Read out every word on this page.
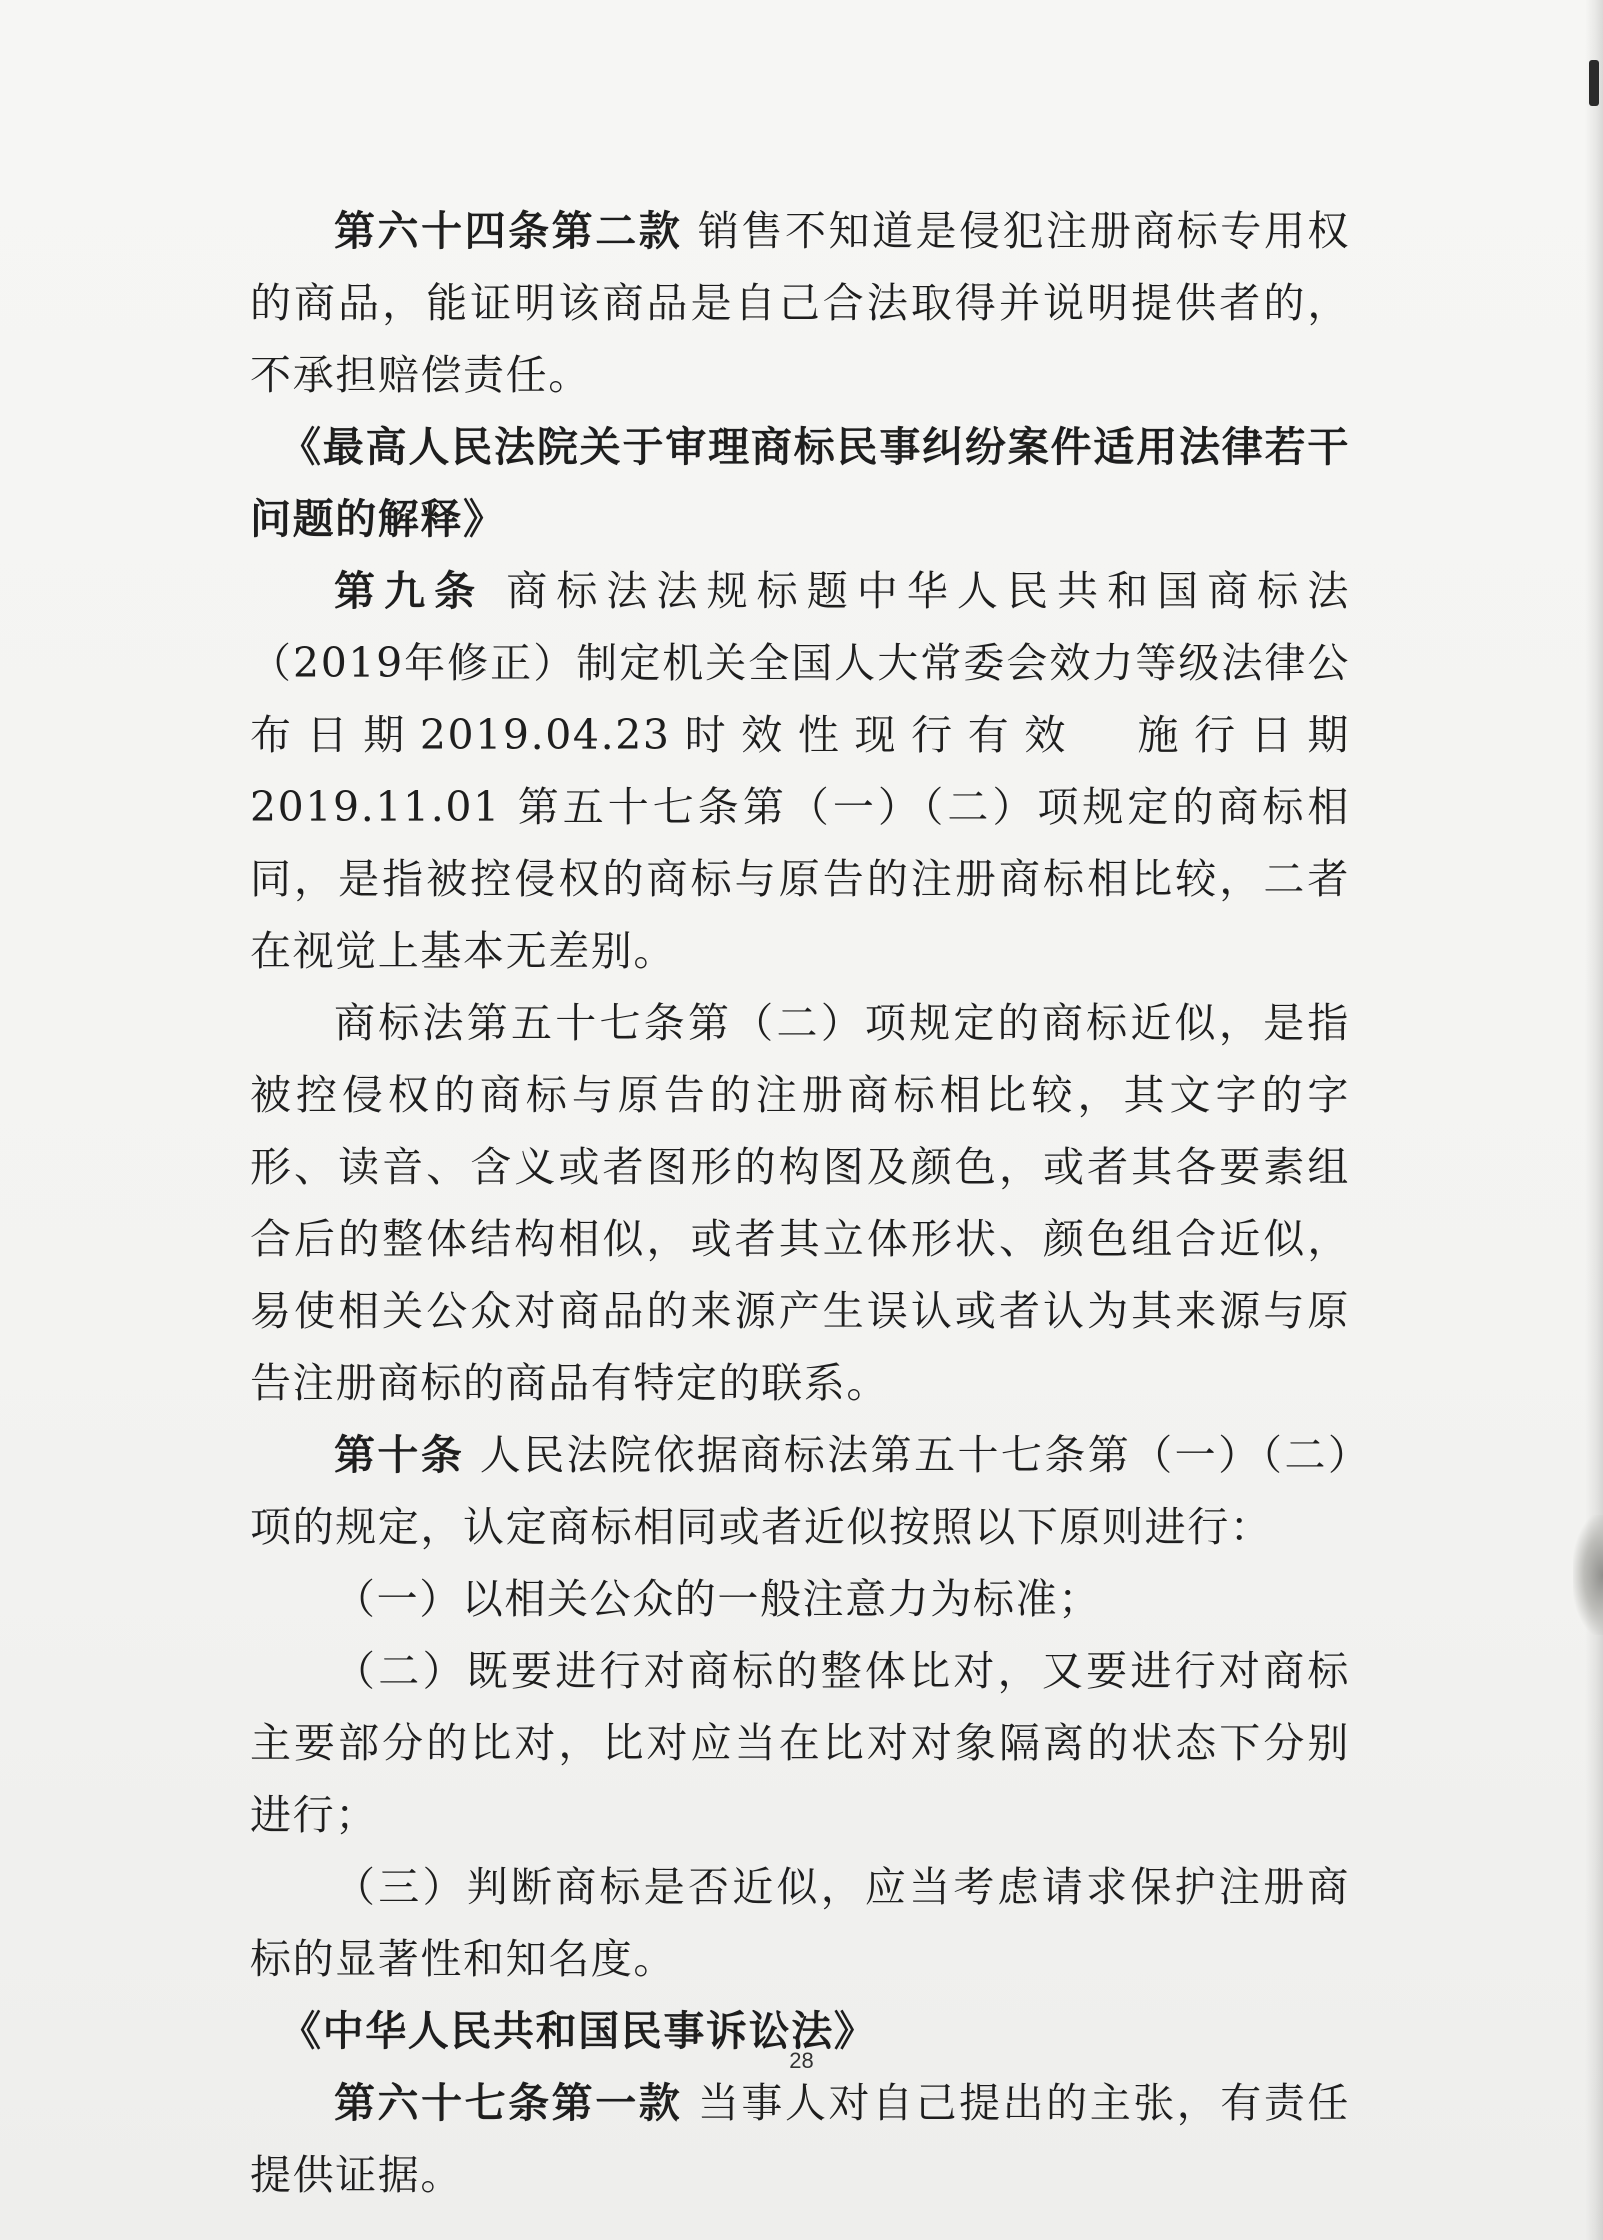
第六十四条第二款 销售不知道是侵犯注册商标专用权的商品，能证明该商品是自己合法取得并说明提供者的，不承担赔偿责任。

《最高人民法院关于审理商标民事纠纷案件适用法律若干问题的解释》

第九条 商标法法规标题中华人民共和国商标法（2019年修正）制定机关全国人大常委会效力等级法律公布日期2019.04.23时效性现行有效　施行日期2019.11.01 第五十七条第（一）（二）项规定的商标相同，是指被控侵权的商标与原告的注册商标相比较，二者在视觉上基本无差别。

商标法第五十七条第（二）项规定的商标近似，是指被控侵权的商标与原告的注册商标相比较，其文字的字形、读音、含义或者图形的构图及颜色，或者其各要素组合后的整体结构相似，或者其立体形状、颜色组合近似，易使相关公众对商品的来源产生误认或者认为其来源与原告注册商标的商品有特定的联系。

第十条 人民法院依据商标法第五十七条第（一）（二）项的规定，认定商标相同或者近似按照以下原则进行：

（一）以相关公众的一般注意力为标准；

（二）既要进行对商标的整体比对，又要进行对商标主要部分的比对，比对应当在比对对象隔离的状态下分别进行；

（三）判断商标是否近似，应当考虑请求保护注册商标的显著性和知名度。

《中华人民共和国民事诉讼法》

第六十七条第一款 当事人对自己提出的主张，有责任提供证据。

28
